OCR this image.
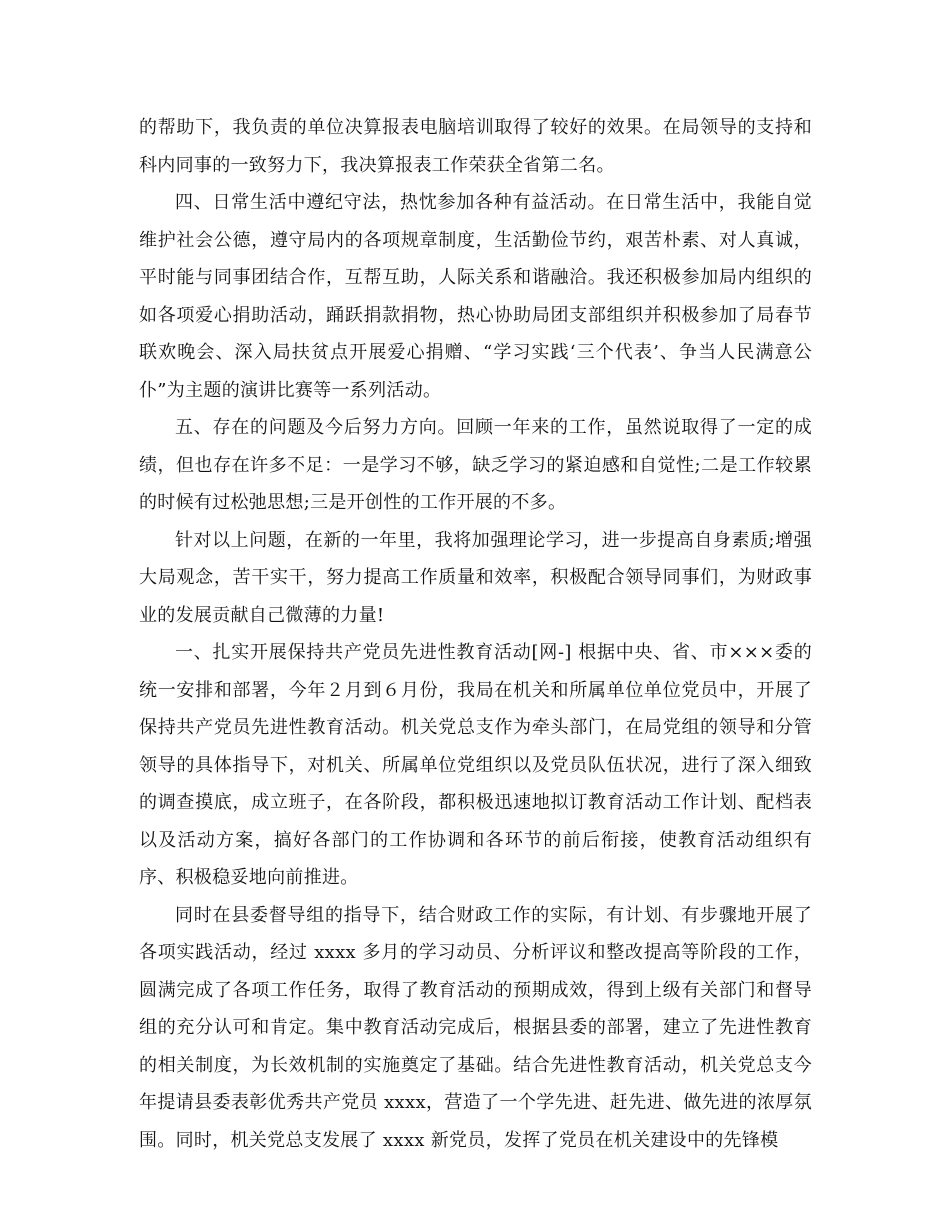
的帮助下，我负责的单位决算报表电脑培训取得了较好的效果。在局领导的支持和科内同事的一致努力下，我决算报表工作荣获全省第二名。

四、日常生活中遵纪守法，热忱参加各种有益活动。在日常生活中，我能自觉维护社会公德，遵守局内的各项规章制度，生活勤俭节约，艰苦朴素、对人真诚，平时能与同事团结合作，互帮互助，人际关系和谐融洽。我还积极参加局内组织的如各项爱心捐助活动，踊跃捐款捐物，热心协助局团支部组织并积极参加了局春节联欢晚会、深入局扶贫点开展爱心捐赠、“学习实践‘三个代表’、争当人民满意公仆”为主题的演讲比赛等一系列活动。

五、存在的问题及今后努力方向。回顾一年来的工作，虽然说取得了一定的成绩，但也存在许多不足：一是学习不够，缺乏学习的紧迫感和自觉性;二是工作较累的时候有过松弛思想;三是开创性的工作开展的不多。

针对以上问题，在新的一年里，我将加强理论学习，进一步提高自身素质;增强大局观念，苦干实干，努力提高工作质量和效率，积极配合领导同事们，为财政事业的发展贡献自己微薄的力量!

一、扎实开展保持共产党员先进性教育活动[网-] 根据中央、省、市×××委的统一安排和部署，今年２月到６月份，我局在机关和所属单位单位党员中，开展了保持共产党员先进性教育活动。机关党总支作为牵头部门，在局党组的领导和分管领导的具体指导下，对机关、所属单位党组织以及党员队伍状况，进行了深入细致的调查摸底，成立班子，在各阶段，都积极迅速地拟订教育活动工作计划、配档表以及活动方案，搞好各部门的工作协调和各环节的前后衔接，使教育活动组织有序、积极稳妥地向前推进。

同时在县委督导组的指导下，结合财政工作的实际，有计划、有步骤地开展了各项实践活动，经过 xxxx 多月的学习动员、分析评议和整改提高等阶段的工作，圆满完成了各项工作任务，取得了教育活动的预期成效，得到上级有关部门和督导组的充分认可和肯定。集中教育活动完成后，根据县委的部署，建立了先进性教育的相关制度，为长效机制的实施奠定了基础。结合先进性教育活动，机关党总支今年提请县委表彰优秀共产党员 xxxx，营造了一个学先进、赶先进、做先进的浓厚氛围。同时，机关党总支发展了 xxxx 新党员，发挥了党员在机关建设中的先锋模
